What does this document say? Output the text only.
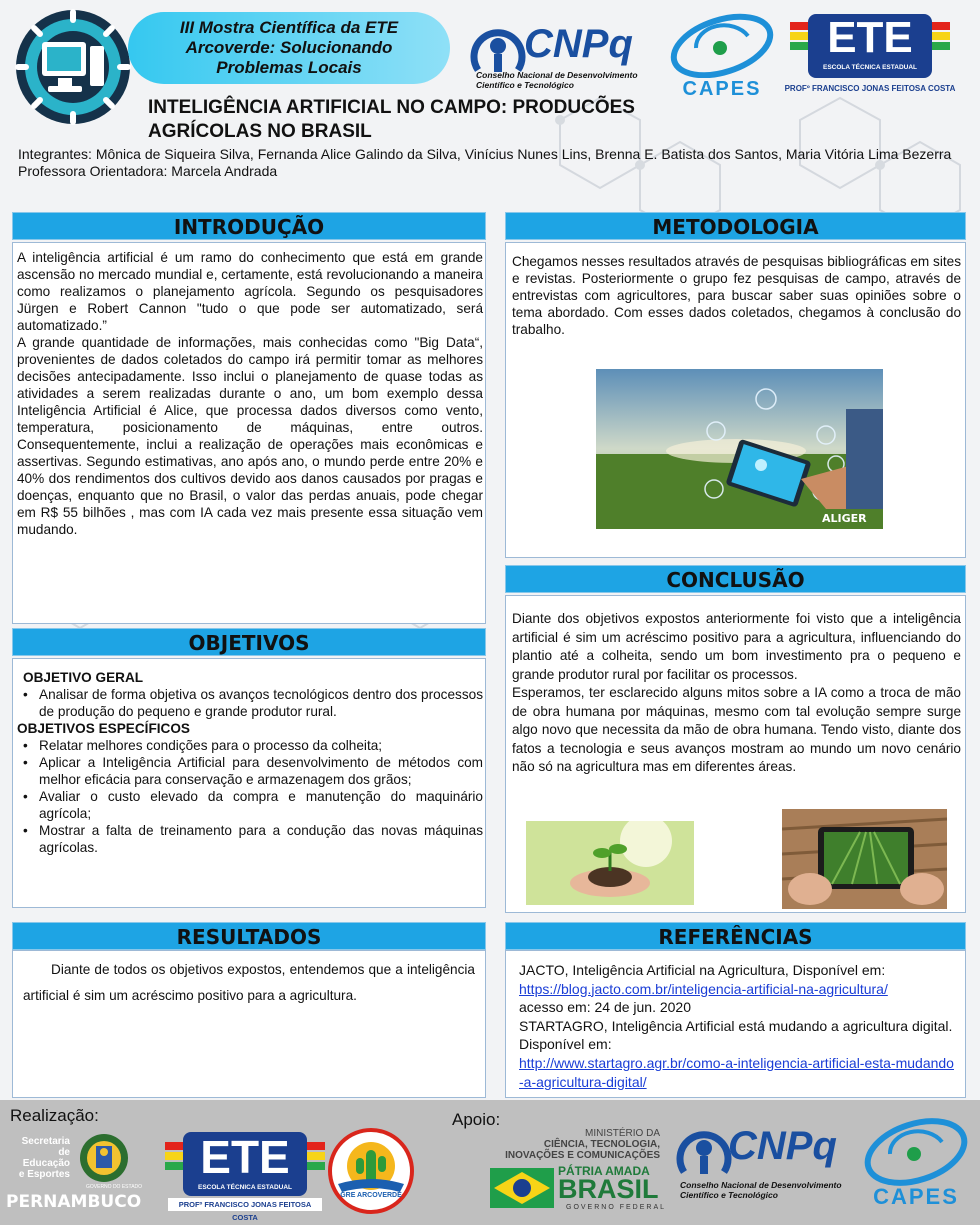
III Mostra Científica da ETE Arcoverde: Solucionando Problemas Locais
CNPq
Conselho Nacional de Desenvolvimento
Científico e Tecnológico	CAPES
ETE
ESCOLA TÉCNICA ESTADUAL
PROFº FRANCISCO JONAS FEITOSA COSTA
INTELIGÊNCIA ARTIFICIAL NO CAMPO: PRODUCÕES
AGRÍCOLAS NO BRASIL
Integrantes: Mônica de Siqueira Silva, Fernanda Alice Galindo da Silva, Vinícius Nunes Lins, Brenna E. Batista dos Santos, Maria Vitória Lima Bezerra
Professora Orientadora: Marcela Andrada
INTRODUÇÃO

A inteligência artificial é um ramo do conhecimento que está em grande ascensão no mercado mundial e, certamente, está revolucionando a maneira como realizamos o planejamento agrícola. Segundo os pesquisadores Jürgen e Robert Cannon "tudo o que pode ser automatizado, será automatizado.”

A grande quantidade de informações, mais conhecidas como "Big Data“, provenientes de dados coletados do campo irá permitir tomar as melhores decisões antecipadamente. Isso inclui o planejamento de quase todas as atividades a serem realizadas durante o ano, um bom exemplo dessa Inteligência Artificial é Alice, que processa dados diversos como vento, temperatura, posicionamento de máquinas, entre outros. Consequentemente, inclui a realização de operações mais econômicas e assertivas. Segundo estimativas, ano após ano, o mundo perde entre 20% e 40% dos rendimentos dos cultivos devido aos danos causados por pragas e doenças, enquanto que no Brasil, o valor das perdas anuais, pode chegar em R$ 55 bilhões , mas com IA cada vez mais presente essa situação vem mudando.

OBJETIVOS
OBJETIVO GERAL
• Analisar de forma objetiva os avanços tecnológicos dentro dos processos de produção do pequeno e grande produtor rural.
OBJETIVOS ESPECÍFICOS
• Relatar melhores condições para o processo da colheita;
• Aplicar a Inteligência Artificial para desenvolvimento de métodos com melhor eficácia para conservação e armazenagem dos grãos;
• Avaliar o custo elevado da compra e manutenção do maquinário agrícola;
• Mostrar a falta de treinamento para a condução das novas máquinas agrícolas.
RESULTADOS
Diante de todos os objetivos expostos, entendemos que a inteligência artificial é sim um acréscimo positivo para a agricultura.
METODOLOGIA
Chegamos nesses resultados através de pesquisas bibliográficas em sites e revistas. Posteriormente o grupo fez pesquisas de campo, através de entrevistas com agricultores, para buscar saber suas opiniões sobre o tema abordado. Com esses dados coletados, chegamos à conclusão do trabalho.
ALIGER
CONCLUSÃO

Diante dos objetivos expostos anteriormente foi visto que a inteligência artificial é sim um acréscimo positivo para a agricultura, influenciando do plantio até a colheita, sendo um bom investimento pra o pequeno e grande produtor rural por facilitar os processos.

Esperamos, ter esclarecido alguns mitos sobre a IA como a troca de mão de obra humana por máquinas, mesmo com tal evolução sempre surge algo novo que necessita da mão de obra humana. Tendo visto, diante dos fatos a tecnologia e seus avanços mostram ao mundo um novo cenário não só na agricultura mas em diferentes áreas.

REFERÊNCIAS
JACTO, Inteligência Artificial na Agricultura, Disponível em:
https://blog.jacto.com.br/inteligencia-artificial-na-agricultura/
acesso em: 24 de jun. 2020
STARTAGRO, Inteligência Artificial está mudando a agricultura digital. Disponível em:
http://www.startagro.agr.br/como-a-inteligencia-artificial-esta-mudando-a-agricultura-digital/
Realização:	Apoio:
Secretaria de
Educação
e Esportes
GOVERNO DO ESTADO
PERNAMBUCO
ETE
ESCOLA TÉCNICA ESTADUAL
PROFº FRANCISCO JONAS FEITOSA COSTA
GRE ARCOVERDE
MINISTÉRIO DA
CIÊNCIA, TECNOLOGIA,
INOVAÇÕES E COMUNICAÇÕES
PÁTRIA AMADA
BRASIL
GOVERNO FEDERAL
CNPq
Conselho Nacional de Desenvolvimento
Científico e Tecnológico	CAPES
